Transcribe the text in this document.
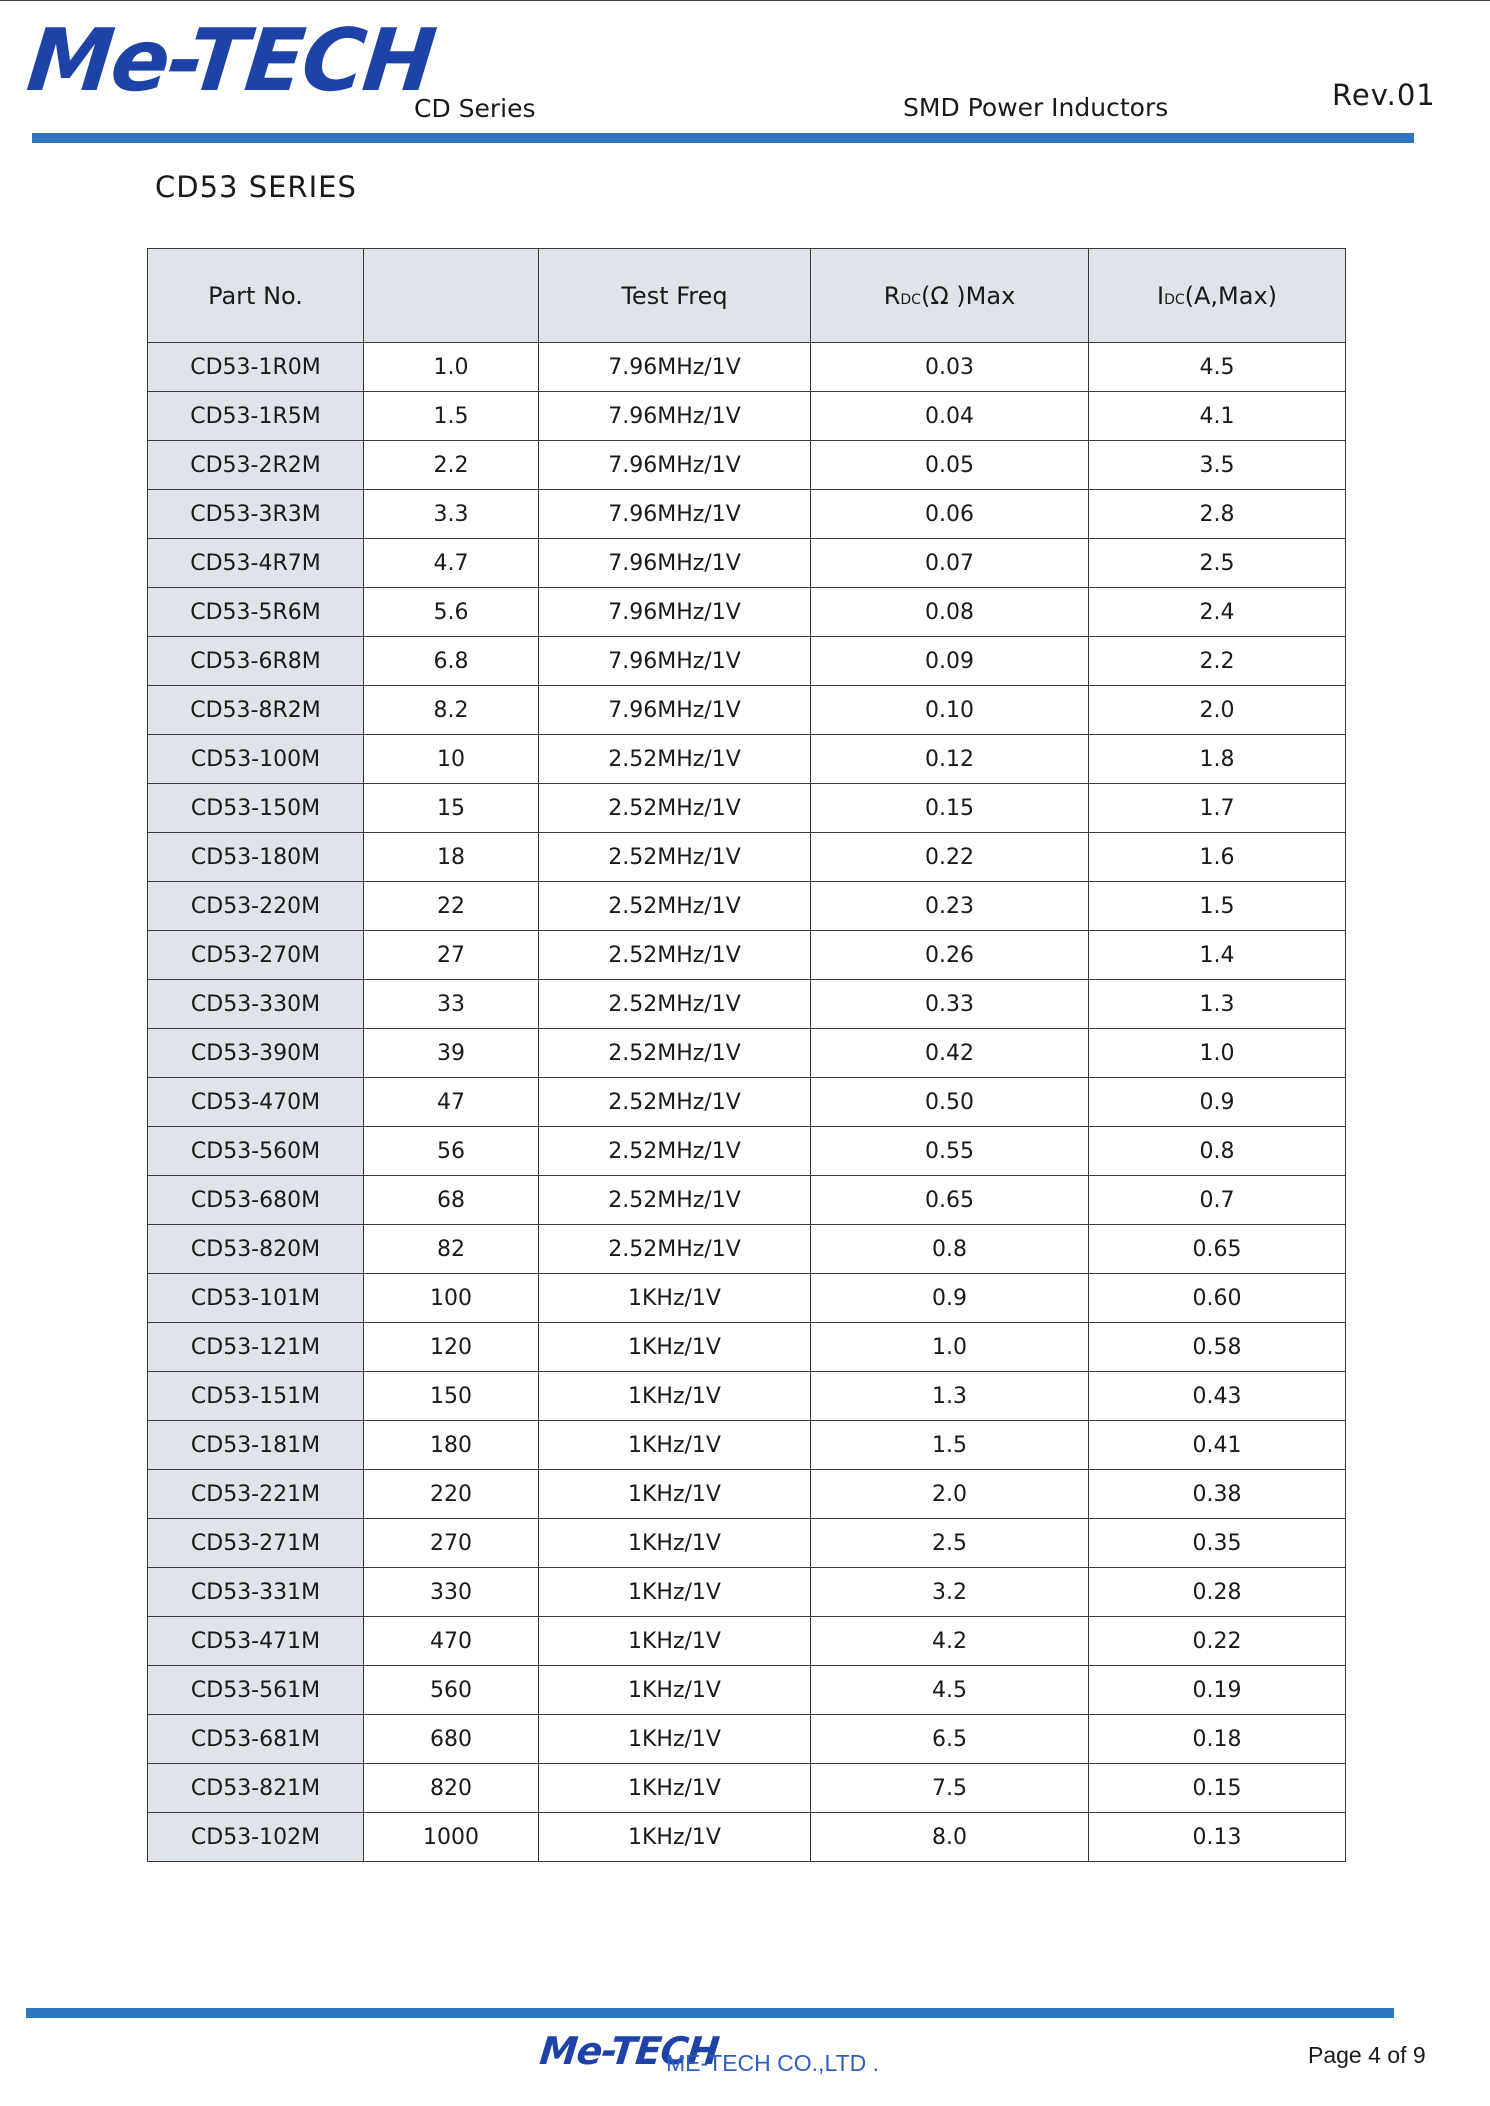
Me-TECH
CD Series	SMD Power Inductors	Rev.01
CD53 SERIES
Part No.		Test Freq	RDC(Ω )Max	IDC(A,Max)
CD53-1R0M	1.0	7.96MHz/1V	0.03	4.5
CD53-1R5M	1.5	7.96MHz/1V	0.04	4.1
CD53-2R2M	2.2	7.96MHz/1V	0.05	3.5
CD53-3R3M	3.3	7.96MHz/1V	0.06	2.8
CD53-4R7M	4.7	7.96MHz/1V	0.07	2.5
CD53-5R6M	5.6	7.96MHz/1V	0.08	2.4
CD53-6R8M	6.8	7.96MHz/1V	0.09	2.2
CD53-8R2M	8.2	7.96MHz/1V	0.10	2.0
CD53-100M	10	2.52MHz/1V	0.12	1.8
CD53-150M	15	2.52MHz/1V	0.15	1.7
CD53-180M	18	2.52MHz/1V	0.22	1.6
CD53-220M	22	2.52MHz/1V	0.23	1.5
CD53-270M	27	2.52MHz/1V	0.26	1.4
CD53-330M	33	2.52MHz/1V	0.33	1.3
CD53-390M	39	2.52MHz/1V	0.42	1.0
CD53-470M	47	2.52MHz/1V	0.50	0.9
CD53-560M	56	2.52MHz/1V	0.55	0.8
CD53-680M	68	2.52MHz/1V	0.65	0.7
CD53-820M	82	2.52MHz/1V	0.8	0.65
CD53-101M	100	1KHz/1V	0.9	0.60
CD53-121M	120	1KHz/1V	1.0	0.58
CD53-151M	150	1KHz/1V	1.3	0.43
CD53-181M	180	1KHz/1V	1.5	0.41
CD53-221M	220	1KHz/1V	2.0	0.38
CD53-271M	270	1KHz/1V	2.5	0.35
CD53-331M	330	1KHz/1V	3.2	0.28
CD53-471M	470	1KHz/1V	4.2	0.22
CD53-561M	560	1KHz/1V	4.5	0.19
CD53-681M	680	1KHz/1V	6.5	0.18
CD53-821M	820	1KHz/1V	7.5	0.15
CD53-102M	1000	1KHz/1V	8.0	0.13
Me-TECH
ME-TECH CO.,LTD .	Page 4 of 9
